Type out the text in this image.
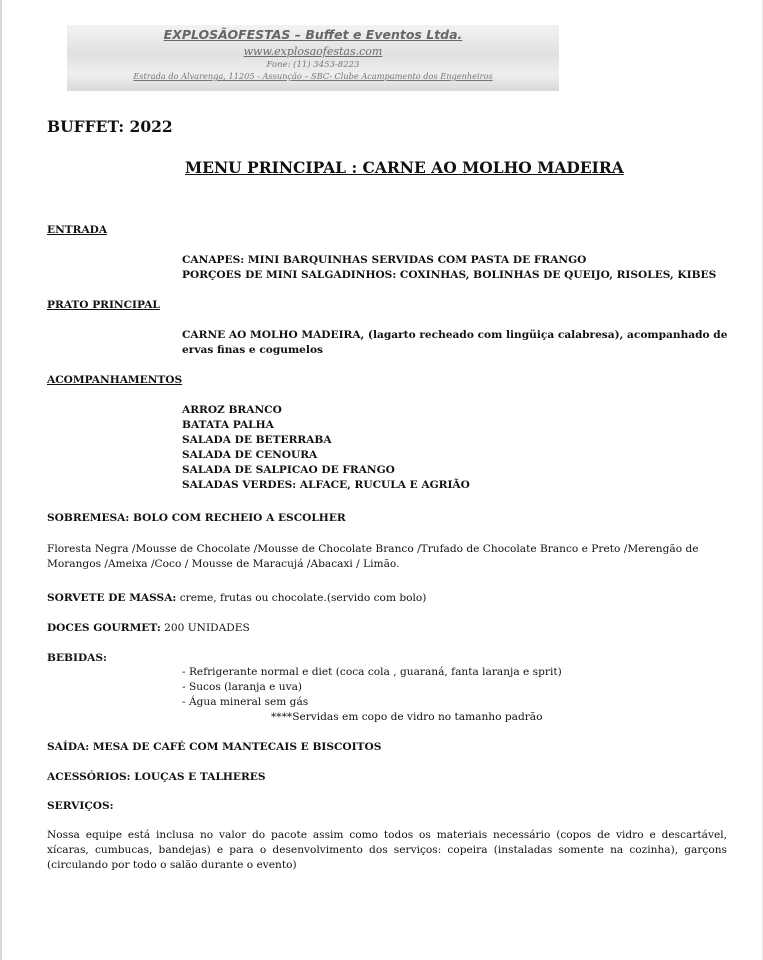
EXPLOSÃOFESTAS – Buffet e Eventos Ltda.
www.explosaofestas.com
Fone: (11) 3453-8223
Estrada do Alvarenga, 11205 - Assunção – SBC- Clube Acampamento dos Engenheiros
BUFFET: 2022
MENU PRINCIPAL : CARNE AO MOLHO MADEIRA
ENTRADA
CANAPES: MINI BARQUINHAS SERVIDAS COM PASTA DE FRANGO
PORÇOES DE MINI SALGADINHOS: COXINHAS, BOLINHAS DE QUEIJO, RISOLES, KIBES
PRATO PRINCIPAL
CARNE AO MOLHO MADEIRA, (lagarto recheado com lingüiça calabresa), acompanhado de
ervas finas e cogumelos
ACOMPANHAMENTOS
ARROZ BRANCO
BATATA PALHA
SALADA DE BETERRABA
SALADA DE CENOURA
SALADA DE SALPICAO DE FRANGO
SALADAS VERDES: ALFACE, RUCULA E AGRIÃO
SOBREMESA: BOLO COM RECHEIO A ESCOLHER
Floresta Negra /Mousse de Chocolate /Mousse de Chocolate Branco /Trufado de Chocolate Branco e Preto /Merengão de
Morangos /Ameixa /Coco / Mousse de Maracujá /Abacaxi / Limão.
SORVETE DE MASSA: creme, frutas ou chocolate.(servido com bolo)
DOCES GOURMET: 200 UNIDADES
BEBIDAS:
- Refrigerante normal e diet (coca cola , guaraná, fanta laranja e sprit)
- Sucos (laranja e uva)
- Água mineral sem gás
****Servidas em copo de vidro no tamanho padrão
SAÍDA: MESA DE CAFÉ COM MANTECAIS E BISCOITOS
ACESSÓRIOS: LOUÇAS E TALHERES
SERVIÇOS:
Nossa equipe está inclusa no valor do pacote assim como todos os materiais necessário (copos de vidro e descartável, xícaras, cumbucas, bandejas) e para o desenvolvimento dos serviços: copeira (instaladas somente na cozinha), garçons (circulando por todo o salão durante o evento)
